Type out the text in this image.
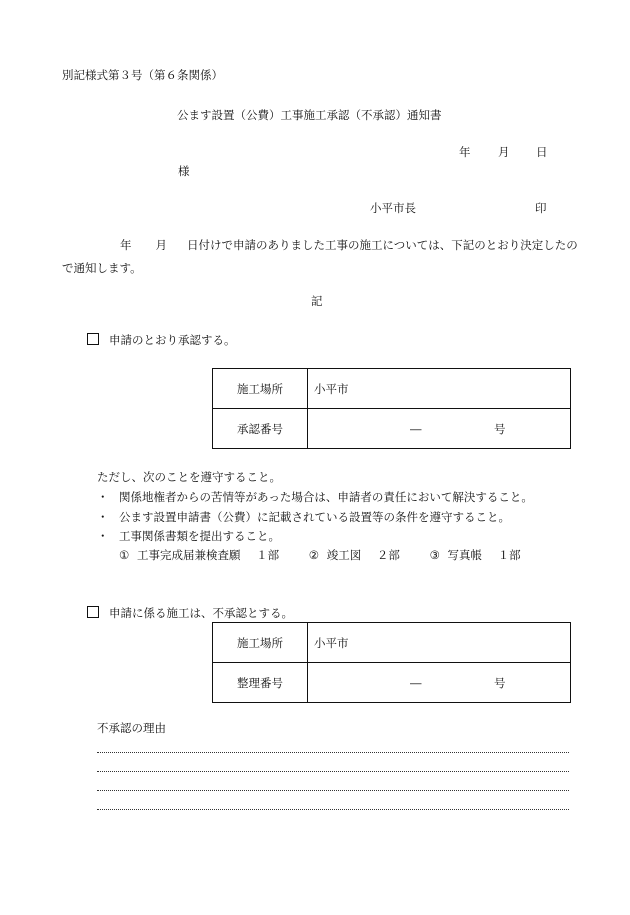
別記様式第３号（第６条関係）
公ます設置（公費）工事施工承認（不承認）通知書
年 月 日
様
小平市長	印
年 月 日付けで申請のありました工事の施工については、下記のとおり決定したので通知します。
記
申請のとおり承認する。
施工場所	小平市
承認番号	― 号
ただし、次のことを遵守すること。
・ 関係地権者からの苦情等があった場合は、申請者の責任において解決すること。
・ 公ます設置申請書（公費）に記載されている設置等の条件を遵守すること。
・ 工事関係書類を提出すること。
① 工事完成届兼検査願 １部	② 竣工図 ２部	③ 写真帳 １部
申請に係る施工は、不承認とする。
施工場所	小平市
整理番号	― 号
不承認の理由
